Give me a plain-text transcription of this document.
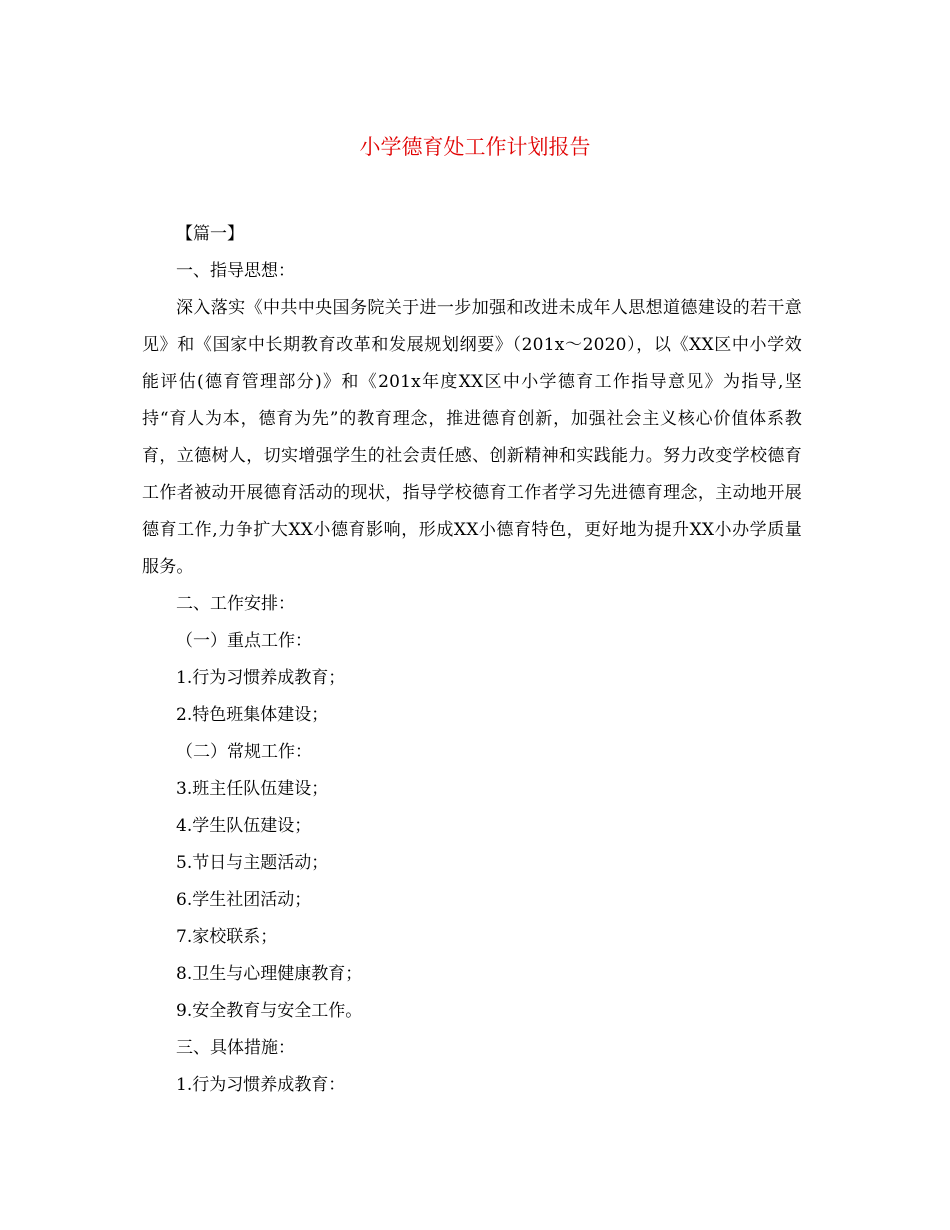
小学德育处工作计划报告

【篇一】

一、指导思想：

深入落实《中共中央国务院关于进一步加强和改进未成年人思想道德建设的若干意见》和《国家中长期教育改革和发展规划纲要》（201x～2020），以《XX区中小学效能评估(德育管理部分)》和《201x年度XX区中小学德育工作指导意见》为指导,坚持“育人为本，德育为先”的教育理念，推进德育创新，加强社会主义核心价值体系教育，立德树人，切实增强学生的社会责任感、创新精神和实践能力。努力改变学校德育工作者被动开展德育活动的现状，指导学校德育工作者学习先进德育理念，主动地开展德育工作,力争扩大XX小德育影响，形成XX小德育特色，更好地为提升XX小办学质量服务。

二、工作安排：

（一）重点工作：

1.行为习惯养成教育；

2.特色班集体建设；

（二）常规工作：

3.班主任队伍建设；

4.学生队伍建设；

5.节日与主题活动；

6.学生社团活动；

7.家校联系；

8.卫生与心理健康教育；

9.安全教育与安全工作。

三、具体措施：

1.行为习惯养成教育：
